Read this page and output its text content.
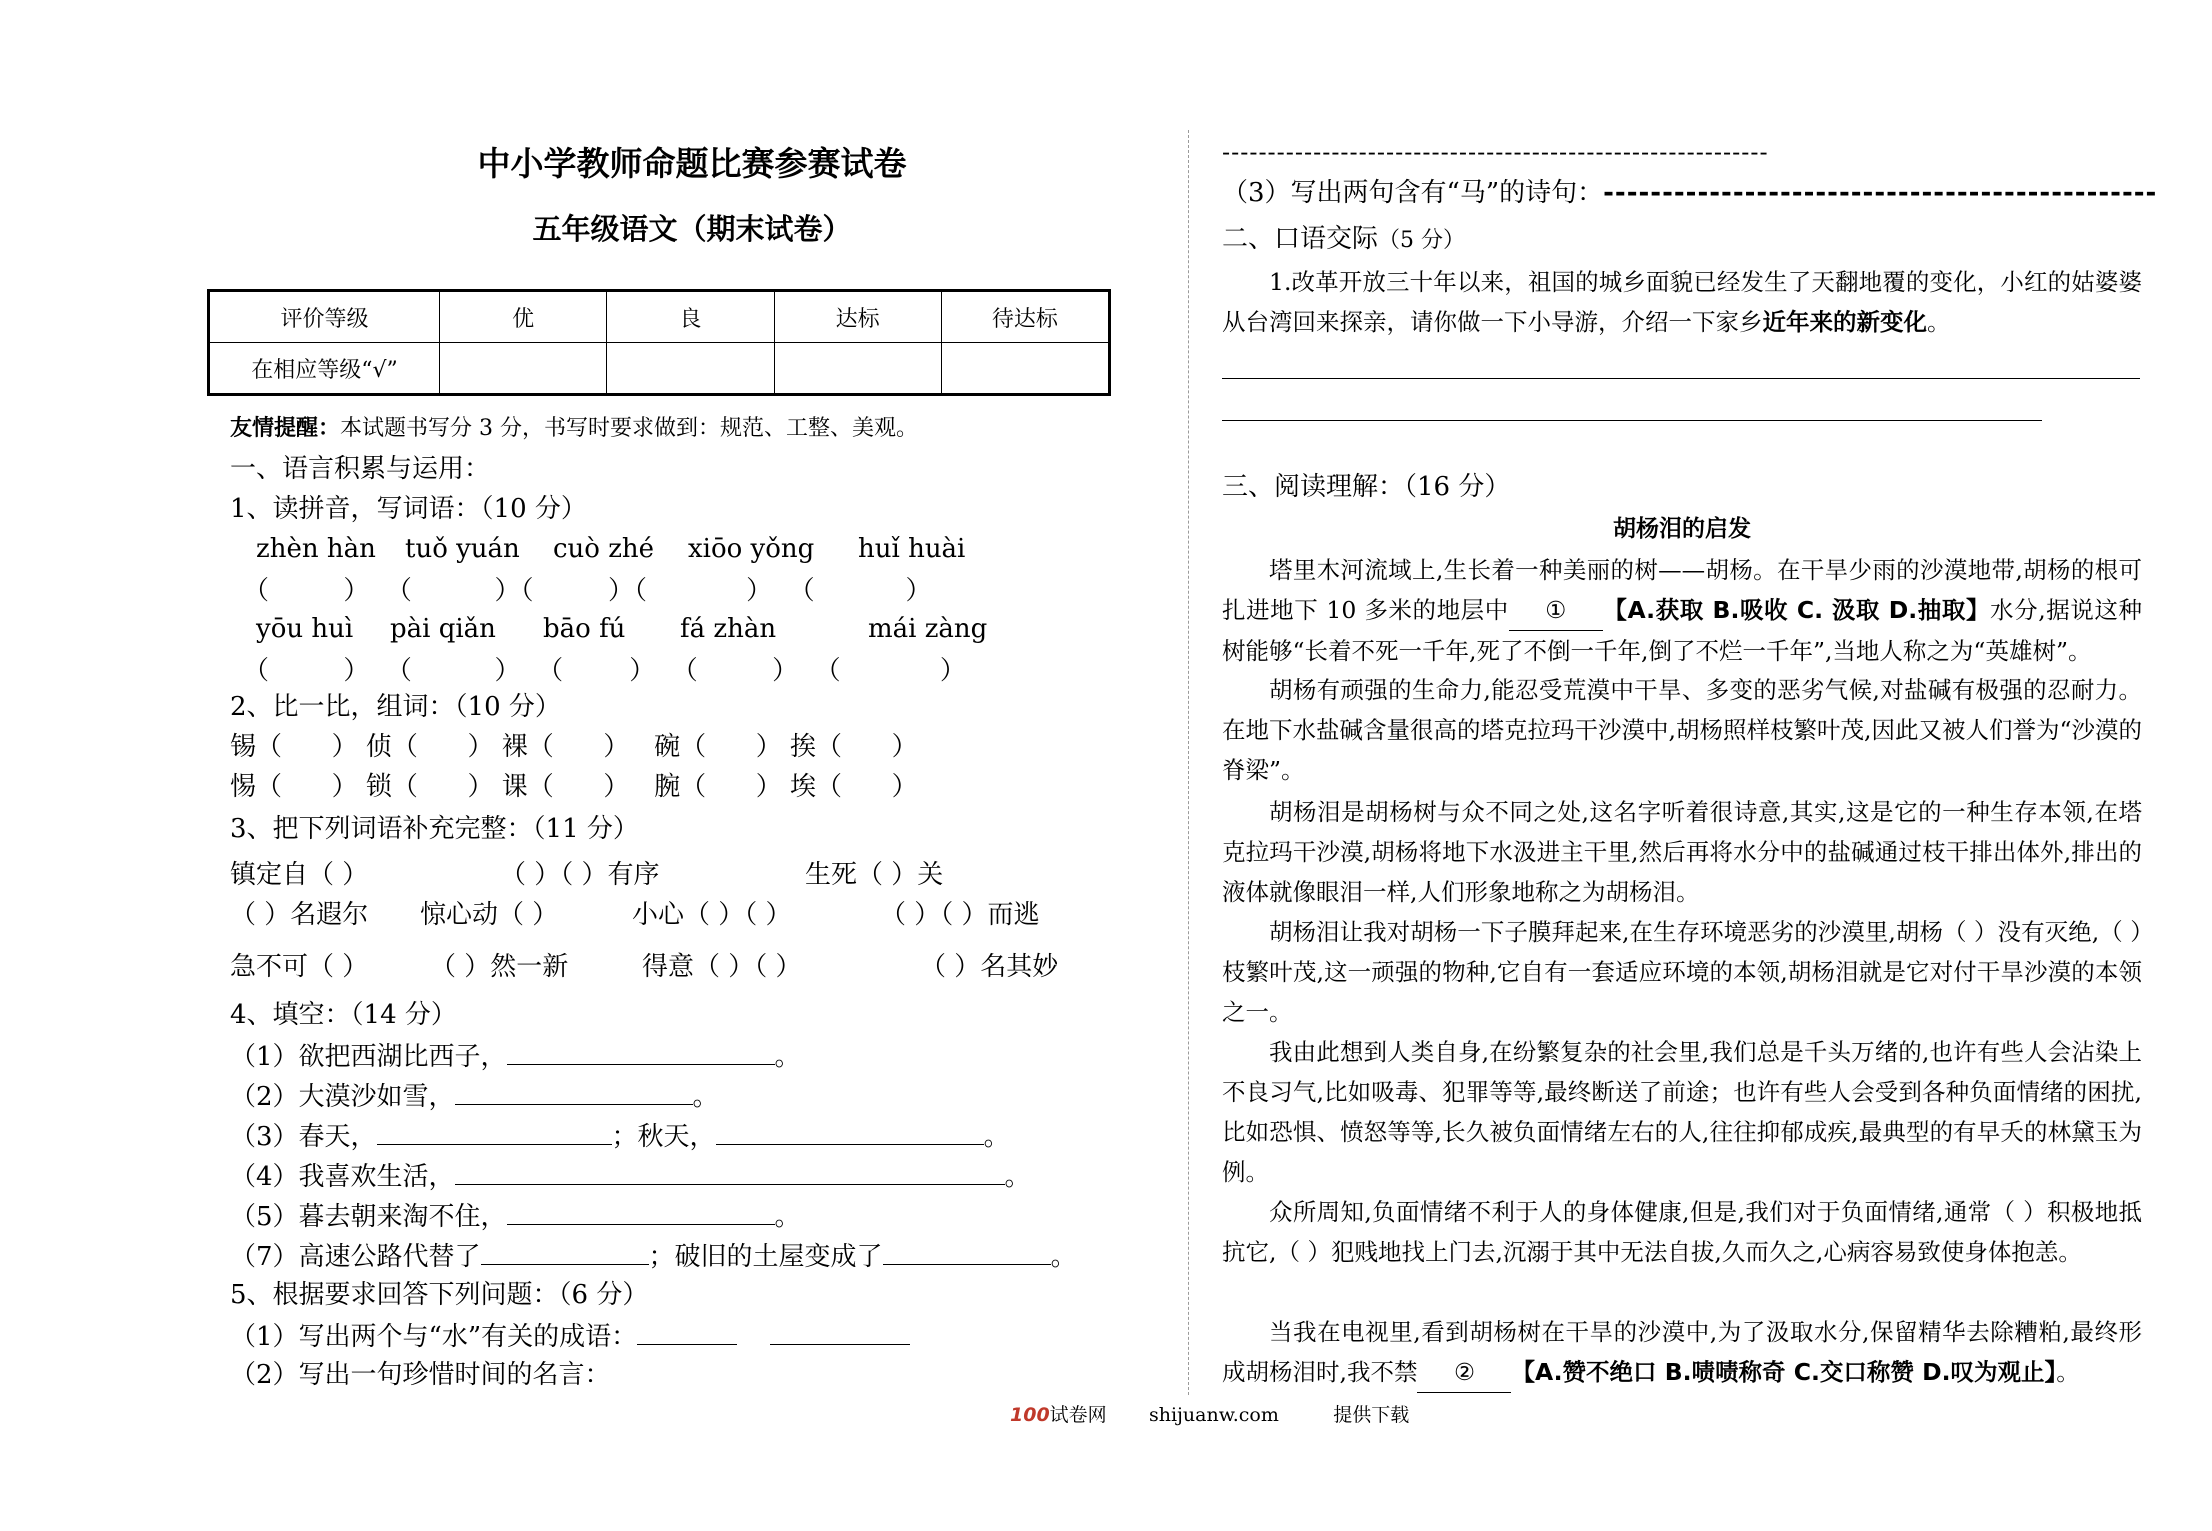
中小学教师命题比赛参赛试卷
五年级语文（期末试卷）
评价等级	优	良	达标	待达标
在相应等级“√”				
友情提醒：本试题书写分 3 分，书写时要求做到：规范、工整、美观。
一、语言积累与运用：
1、读拼音，写词语：（10 分）
zhèn hàn tuǒ yuán cuò zhé xiōo yǒng huǐ huài
（         ）  （          ）（         ）（            ）  （           ）
yōu huì pài qiǎn bāo fú fá zhàn	mái zàng
（         ）  （          ）  （        ）  （         ）  （            ）
2、比一比，组词：（10 分）
锡（      ） 侦（      ） 裸（      ）   碗（      ） 挨（      ）
惕（      ） 锁（      ） 课（      ）   腕（      ） 埃（      ）
3、把下列词语补充完整：（11 分）
镇定自（ ）	（ ）（ ）有序	生死（ ）关
（ ）名遐尔 惊心动（ ）	小心（ ）（ ）	（ ）（ ）而逃
急不可（ ） （ ）然一新	得意（ ）（ ）	（ ）名其妙
4、填空：（14 分）
（1）欲把西湖比西子，	。
（2）大漠沙如雪，	。
（3）春天，	；秋天，	。
（4）我喜欢生活，	。
（5）暮去朝来淘不住，	。
（7）高速公路代替了	；破旧的土屋变成了	。
5、根据要求回答下列问题：（6 分）
（1）写出两个与“水”有关的成语：
（2）写出一句珍惜时间的名言：
------------------------------------------------------------
（3）写出两句含有“马”的诗句：-----------------------------------------------
二、口语交际（5 分）
1.改革开放三十年以来，祖国的城乡面貌已经发生了天翻地覆的变化，小红的姑婆婆从台湾回来探亲，请你做一下小导游，介绍一下家乡近年来的新变化。
三、阅读理解：（16 分）
胡杨泪的启发
塔里木河流域上,生长着一种美丽的树——胡杨。在干旱少雨的沙漠地带,胡杨的根可扎进地下 10 多米的地层中 ① 【A.获取 B.吸收 C. 汲取 D.抽取】水分,据说这种树能够“长着不死一千年,死了不倒一千年,倒了不烂一千年”,当地人称之为“英雄树”。
胡杨有顽强的生命力,能忍受荒漠中干旱、多变的恶劣气候,对盐碱有极强的忍耐力。在地下水盐碱含量很高的塔克拉玛干沙漠中,胡杨照样枝繁叶茂,因此又被人们誉为“沙漠的脊梁”。
胡杨泪是胡杨树与众不同之处,这名字听着很诗意,其实,这是它的一种生存本领,在塔克拉玛干沙漠,胡杨将地下水汲进主干里,然后再将水分中的盐碱通过枝干排出体外,排出的液体就像眼泪一样,人们形象地称之为胡杨泪。
胡杨泪让我对胡杨一下子膜拜起来,在生存环境恶劣的沙漠里,胡杨（ ）没有灭绝,（ ）枝繁叶茂,这一顽强的物种,它自有一套适应环境的本领,胡杨泪就是它对付干旱沙漠的本领之一。
我由此想到人类自身,在纷繁复杂的社会里,我们总是千头万绪的,也许有些人会沾染上不良习气,比如吸毒、犯罪等等,最终断送了前途；也许有些人会受到各种负面情绪的困扰,比如恐惧、愤怒等等,长久被负面情绪左右的人,往往抑郁成疾,最典型的有早夭的林黛玉为例。
众所周知,负面情绪不利于人的身体健康,但是,我们对于负面情绪,通常（ ）积极地抵抗它,（ ）犯贱地找上门去,沉溺于其中无法自拔,久而久之,心病容易致使身体抱恙。
当我在电视里,看到胡杨树在干旱的沙漠中,为了汲取水分,保留精华去除糟粕,最终形成胡杨泪时,我不禁 ② 【A.赞不绝口 B.啧啧称奇 C.交口称赞 D.叹为观止】。
100试卷网 shijuanw.com	提供下载
